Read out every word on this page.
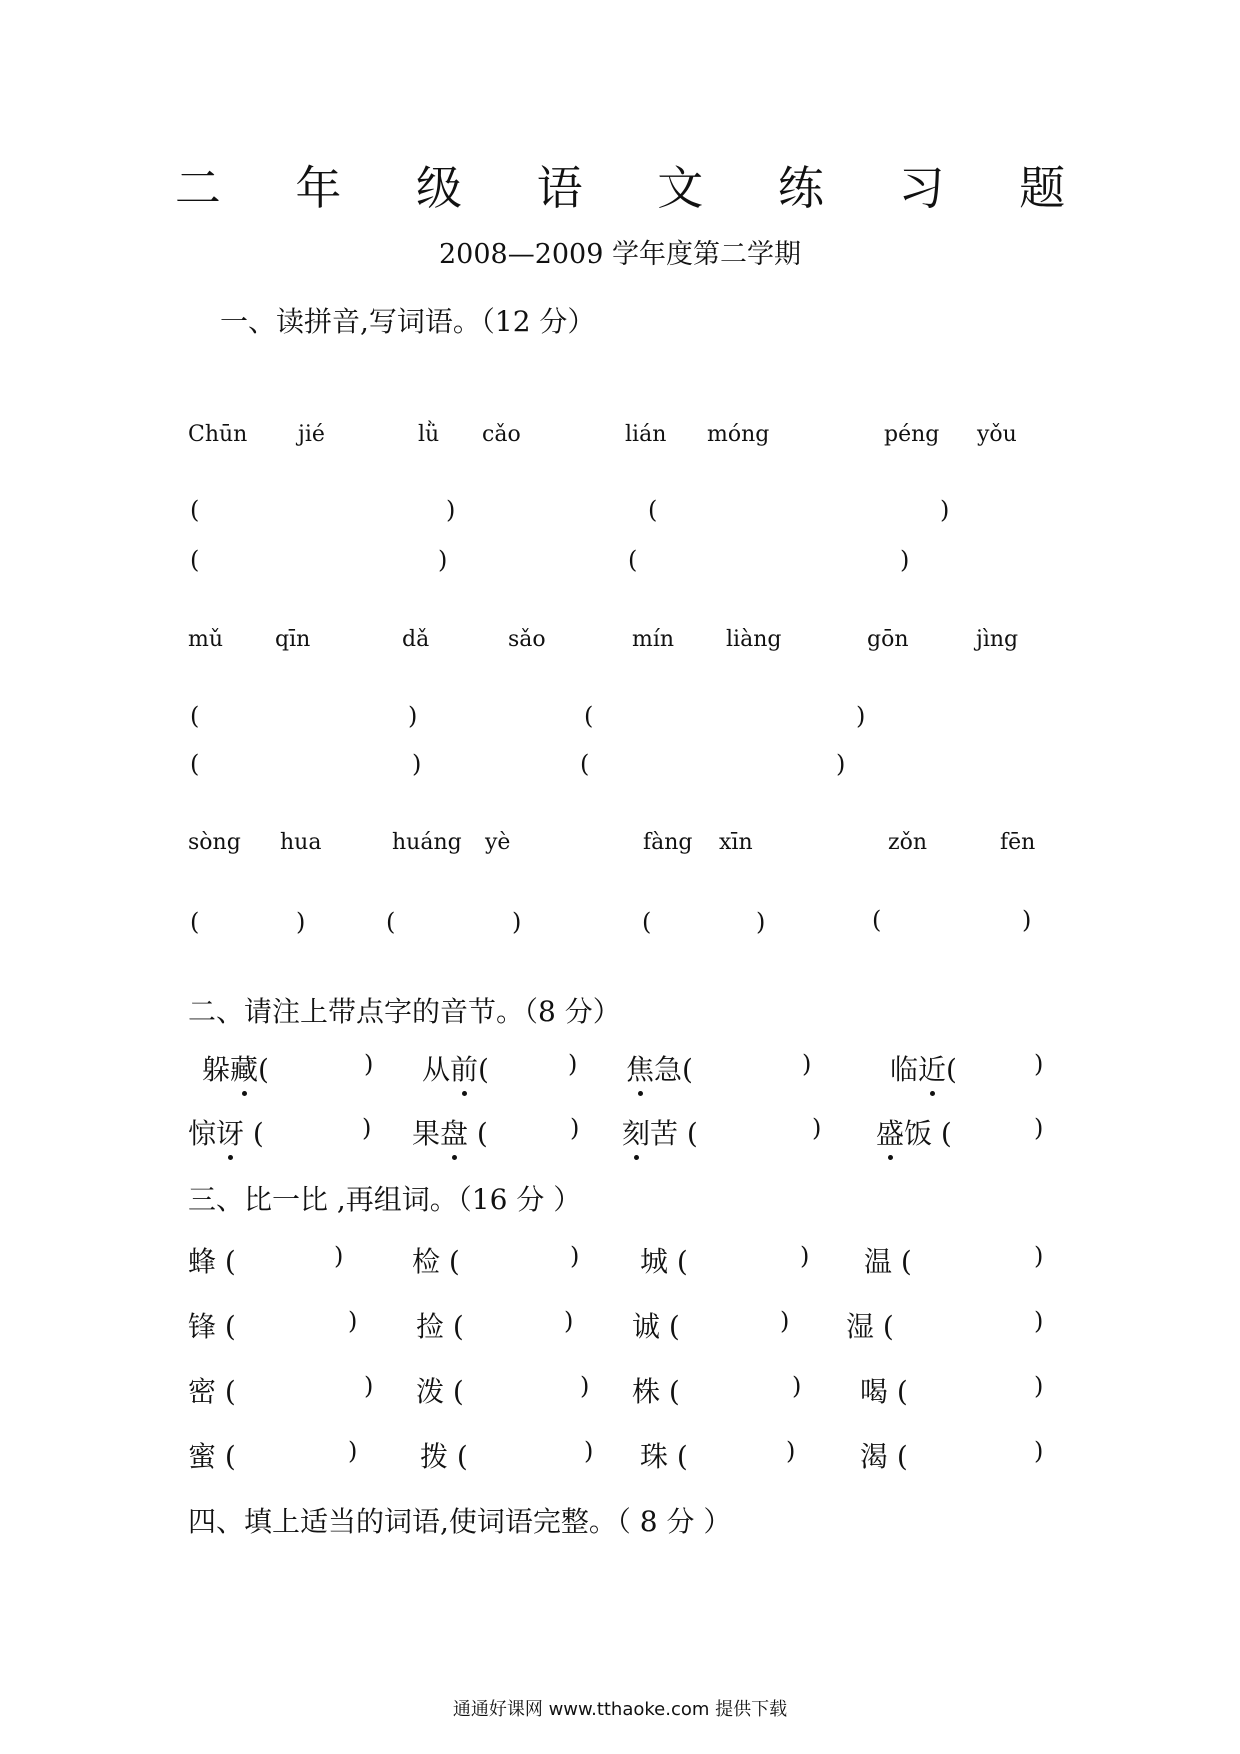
二 年 级 语 文 练 习 题
2008—2009 学年度第二学期
一、读拼音,写词语。（12 分）
Chūn jié	lǜ cǎo	lián móng	péng yǒu
(	)	(	)
(	)	(	)
mǔ qīn	dǎ	sǎo	mín liàng	gōn	jìng
(	)	(	)
(	)	(	)
sòng hua	huáng yè	fàng xīn	zǒn	fēn
(	)	(	)	(	)	(	)
二、请注上带点字的音节。（8 分）
躲藏(	) 从前(	) 焦急(	)	临近(	)
惊讶 (	) 果盘 (	) 刻苦 (	) 盛饭 (	)
三、比一比 ,再组词。（16 分 ）
蜂 (	) 检 (	) 城 (	) 温 (	)
锋 (	) 捡 (	) 诚 (	) 湿 (	)
密 (	) 泼 (	) 株 (	) 喝 (	)
蜜 (	) 拨 (	) 珠 (	) 渴 (	)
四、填上适当的词语,使词语完整。（ 8 分 ）
通通好课网 www.tthaoke.com 提供下载
